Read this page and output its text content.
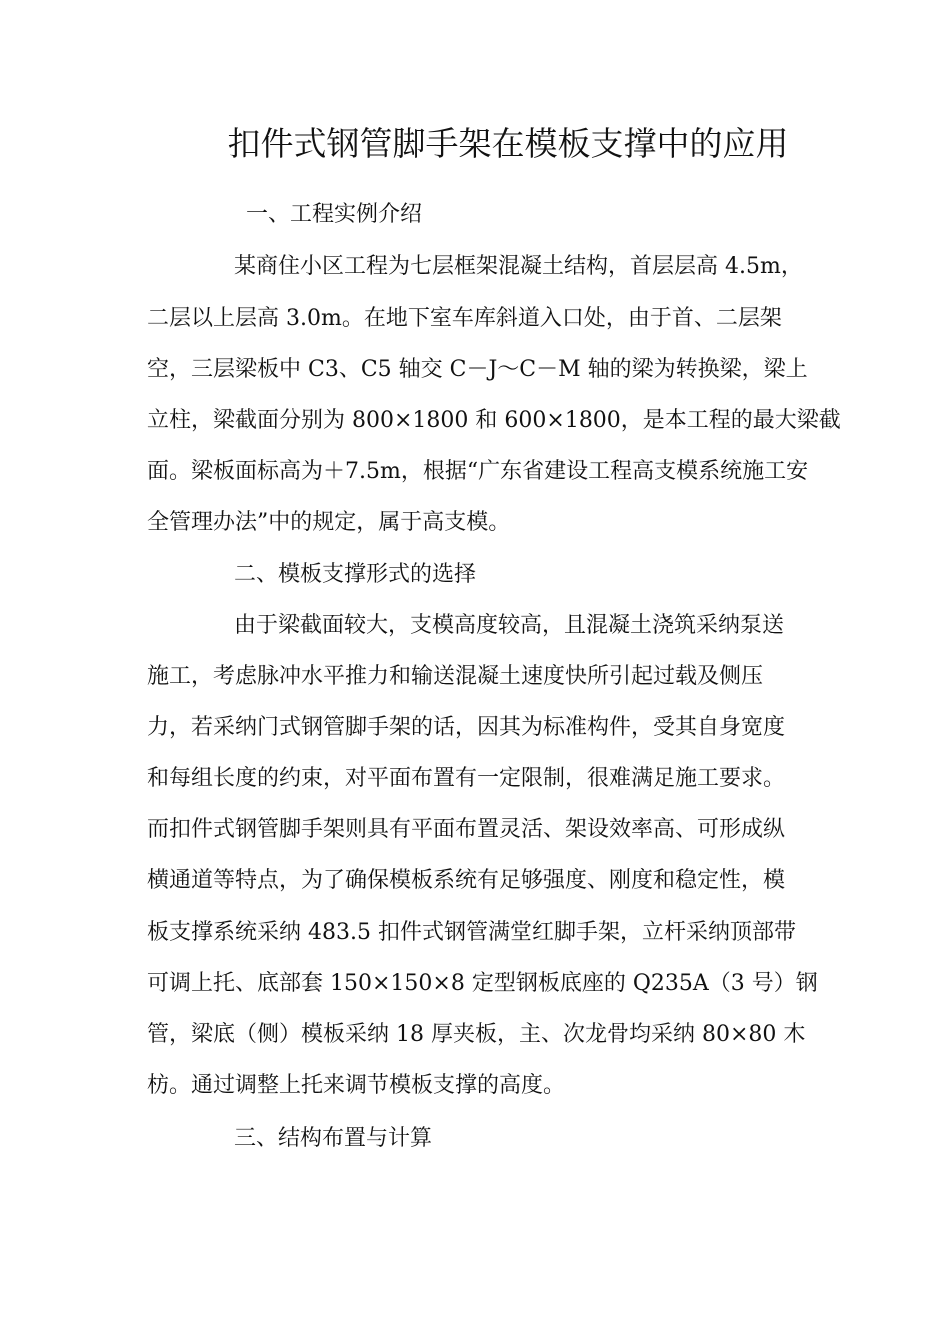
扣件式钢管脚手架在模板支撑中的应用
一、工程实例介绍
某商住小区工程为七层框架混凝土结构，首层层高 4.5m，
二层以上层高 3.0m。在地下室车库斜道入口处，由于首、二层架
空，三层梁板中 C3、C5 轴交 C－J～C－M 轴的梁为转换梁，梁上
立柱，梁截面分别为 800×1800 和 600×1800，是本工程的最大梁截
面。梁板面标高为＋7.5m，根据“广东省建设工程高支模系统施工安
全管理办法”中的规定，属于高支模。
二、模板支撑形式的选择
由于梁截面较大，支模高度较高，且混凝土浇筑采纳泵送
施工，考虑脉冲水平推力和输送混凝土速度快所引起过载及侧压
力，若采纳门式钢管脚手架的话，因其为标准构件，受其自身宽度
和每组长度的约束，对平面布置有一定限制，很难满足施工要求。
而扣件式钢管脚手架则具有平面布置灵活、架设效率高、可形成纵
横通道等特点，为了确保模板系统有足够强度、刚度和稳定性，模
板支撑系统采纳 483.5 扣件式钢管满堂红脚手架，立杆采纳顶部带
可调上托、底部套 150×150×8 定型钢板底座的 Q235A（3 号）钢
管，梁底（侧）模板采纳 18 厚夹板，主、次龙骨均采纳 80×80 木
枋。通过调整上托来调节模板支撑的高度。
三、结构布置与计算
